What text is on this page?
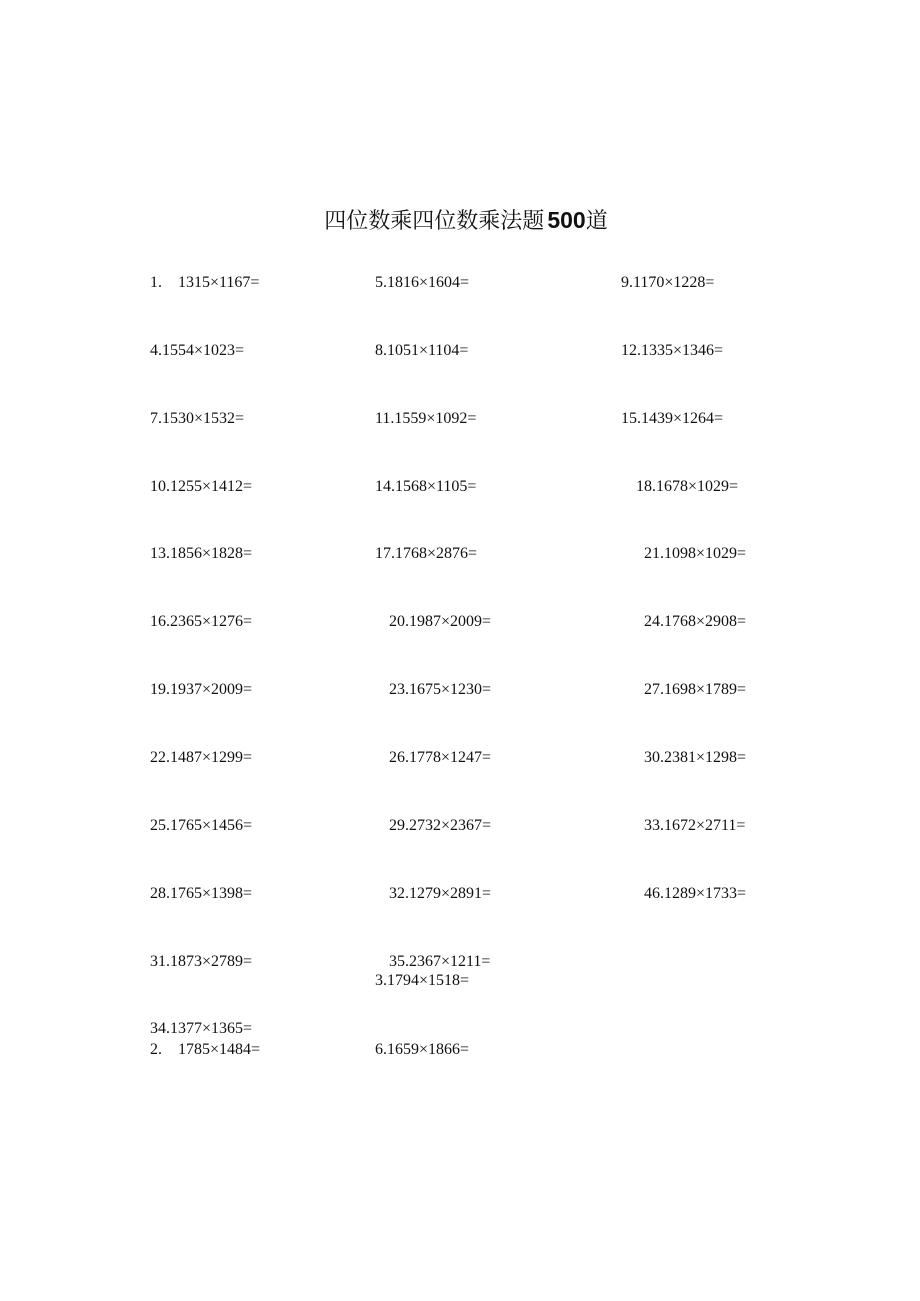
四位数乘四位数乘法题 500道
1. 1315×1167=	5.1816×1604=	9.1170×1228=
4.1554×1023=	8.1051×1104=	12.1335×1346=
7.1530×1532=	11.1559×1092=	15.1439×1264=
10.1255×1412=	14.1568×1105=	18.1678×1029=
13.1856×1828=	17.1768×2876=	21.1098×1029=
16.2365×1276=	20.1987×2009=	24.1768×2908=
19.1937×2009=	23.1675×1230=	27.1698×1789=
22.1487×1299=	26.1778×1247=	30.2381×1298=
25.1765×1456=	29.2732×2367=	33.1672×2711=
28.1765×1398=	32.1279×2891=	46.1289×1733=
31.1873×2789=	35.2367×1211=
3.1794×1518=
34.1377×1365=
2. 1785×1484=	6.1659×1866=
